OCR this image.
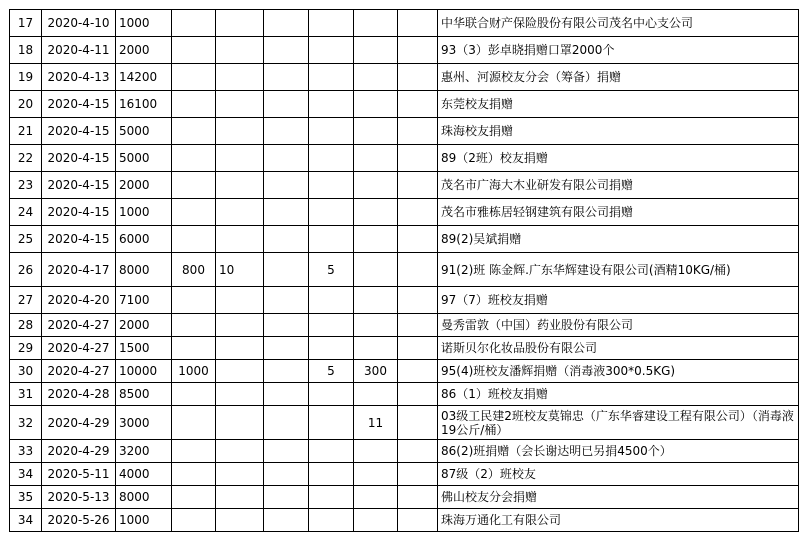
17	2020-4-10	1000							中华联合财产保险股份有限公司茂名中心支公司
18	2020-4-11	2000							93（3）彭卓晓捐赠口罩2000个
19	2020-4-13	14200							惠州、河源校友分会（筹备）捐赠
20	2020-4-15	16100							东莞校友捐赠
21	2020-4-15	5000							珠海校友捐赠
22	2020-4-15	5000							89（2班）校友捐赠
23	2020-4-15	2000							茂名市广海大木业研发有限公司捐赠
24	2020-4-15	1000							茂名市雅栋居轻钢建筑有限公司捐赠
25	2020-4-15	6000							89(2)吴斌捐赠
26	2020-4-17	8000	800	10		5			91(2)班 陈金辉.广东华辉建设有限公司(酒精10KG/桶)
27	2020-4-20	7100							97（7）班校友捐赠
28	2020-4-27	2000							曼秀雷敦（中国）药业股份有限公司
29	2020-4-27	1500							诺斯贝尔化妆品股份有限公司
30	2020-4-27	10000	1000			5	300		95(4)班校友潘辉捐赠（消毒液300*0.5KG)
31	2020-4-28	8500							86（1）班校友捐赠
32	2020-4-29	3000					11		03级工民建2班校友莫锦忠（广东华睿建设工程有限公司）（消毒液19公斤/桶）
33	2020-4-29	3200							86(2)班捐赠（会长谢达明已另捐4500个）
34	2020-5-11	4000							87级（2）班校友
35	2020-5-13	8000							佛山校友分会捐赠
34	2020-5-26	1000							珠海万通化工有限公司
